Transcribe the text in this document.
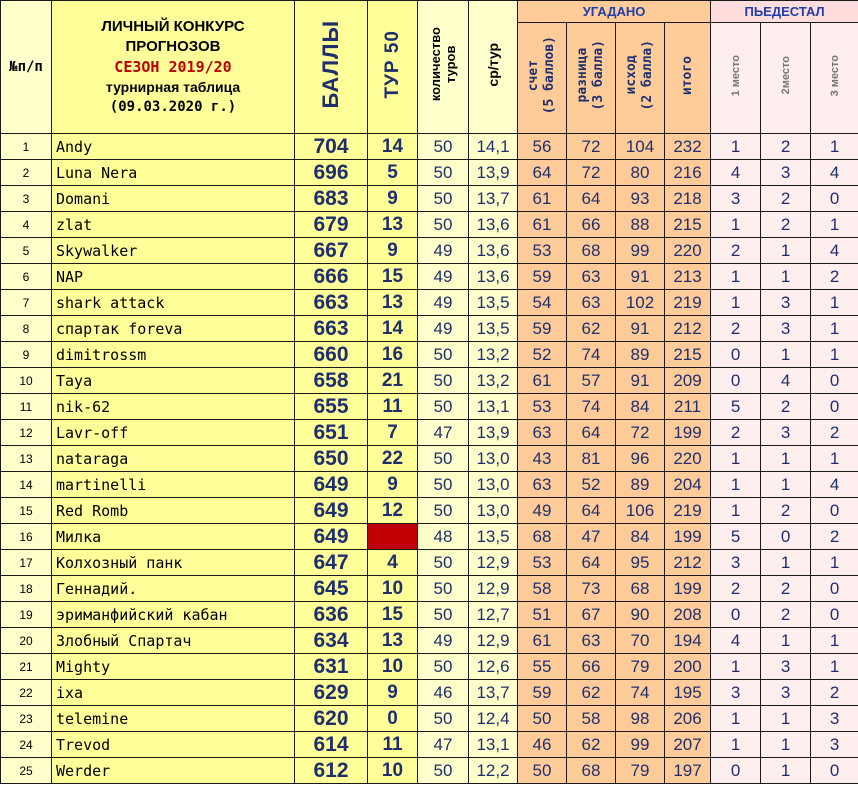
№п/п	ЛИЧНЫЙ КОНКУРС
ПРОГНОЗОВ
СЕЗОН 2019/20
турнирная таблица
(09.03.2020 г.)	БАЛЛЫ	ТУР 50	количество
туров	ср/тур	УГАДАНО				ПЬЕДЕСТАЛ		
						счет
(5 баллов)	разница
(3 балла)	исход
(2 балла)	итого	1 место	2место	3 место
1	Andy	704	14	50	14,1	56	72	104	232	1	2	1
2	Luna Nera	696	5	50	13,9	64	72	80	216	4	3	4
3	Domani	683	9	50	13,7	61	64	93	218	3	2	0
4	zlat	679	13	50	13,6	61	66	88	215	1	2	1
5	Skywalker	667	9	49	13,6	53	68	99	220	2	1	4
6	NAP	666	15	49	13,6	59	63	91	213	1	1	2
7	shark attack	663	13	49	13,5	54	63	102	219	1	3	1
8	спартак foreva	663	14	49	13,5	59	62	91	212	2	3	1
9	dimitrossm	660	16	50	13,2	52	74	89	215	0	1	1
10	Taya	658	21	50	13,2	61	57	91	209	0	4	0
11	nik-62	655	11	50	13,1	53	74	84	211	5	2	0
12	Lavr-off	651	7	47	13,9	63	64	72	199	2	3	2
13	nataraga	650	22	50	13,0	43	81	96	220	1	1	1
14	martinelli	649	9	50	13,0	63	52	89	204	1	1	4
15	Red Romb	649	12	50	13,0	49	64	106	219	1	2	0
16	Милка	649		48	13,5	68	47	84	199	5	0	2
17	Колхозный панк	647	4	50	12,9	53	64	95	212	3	1	1
18	Геннадий.	645	10	50	12,9	58	73	68	199	2	2	0
19	эриманфийский кабан	636	15	50	12,7	51	67	90	208	0	2	0
20	Злобный Спартач	634	13	49	12,9	61	63	70	194	4	1	1
21	Mighty	631	10	50	12,6	55	66	79	200	1	3	1
22	ixa	629	9	46	13,7	59	62	74	195	3	3	2
23	telemine	620	0	50	12,4	50	58	98	206	1	1	3
24	Trevod	614	11	47	13,1	46	62	99	207	1	1	3
25	Werder	612	10	50	12,2	50	68	79	197	0	1	0
